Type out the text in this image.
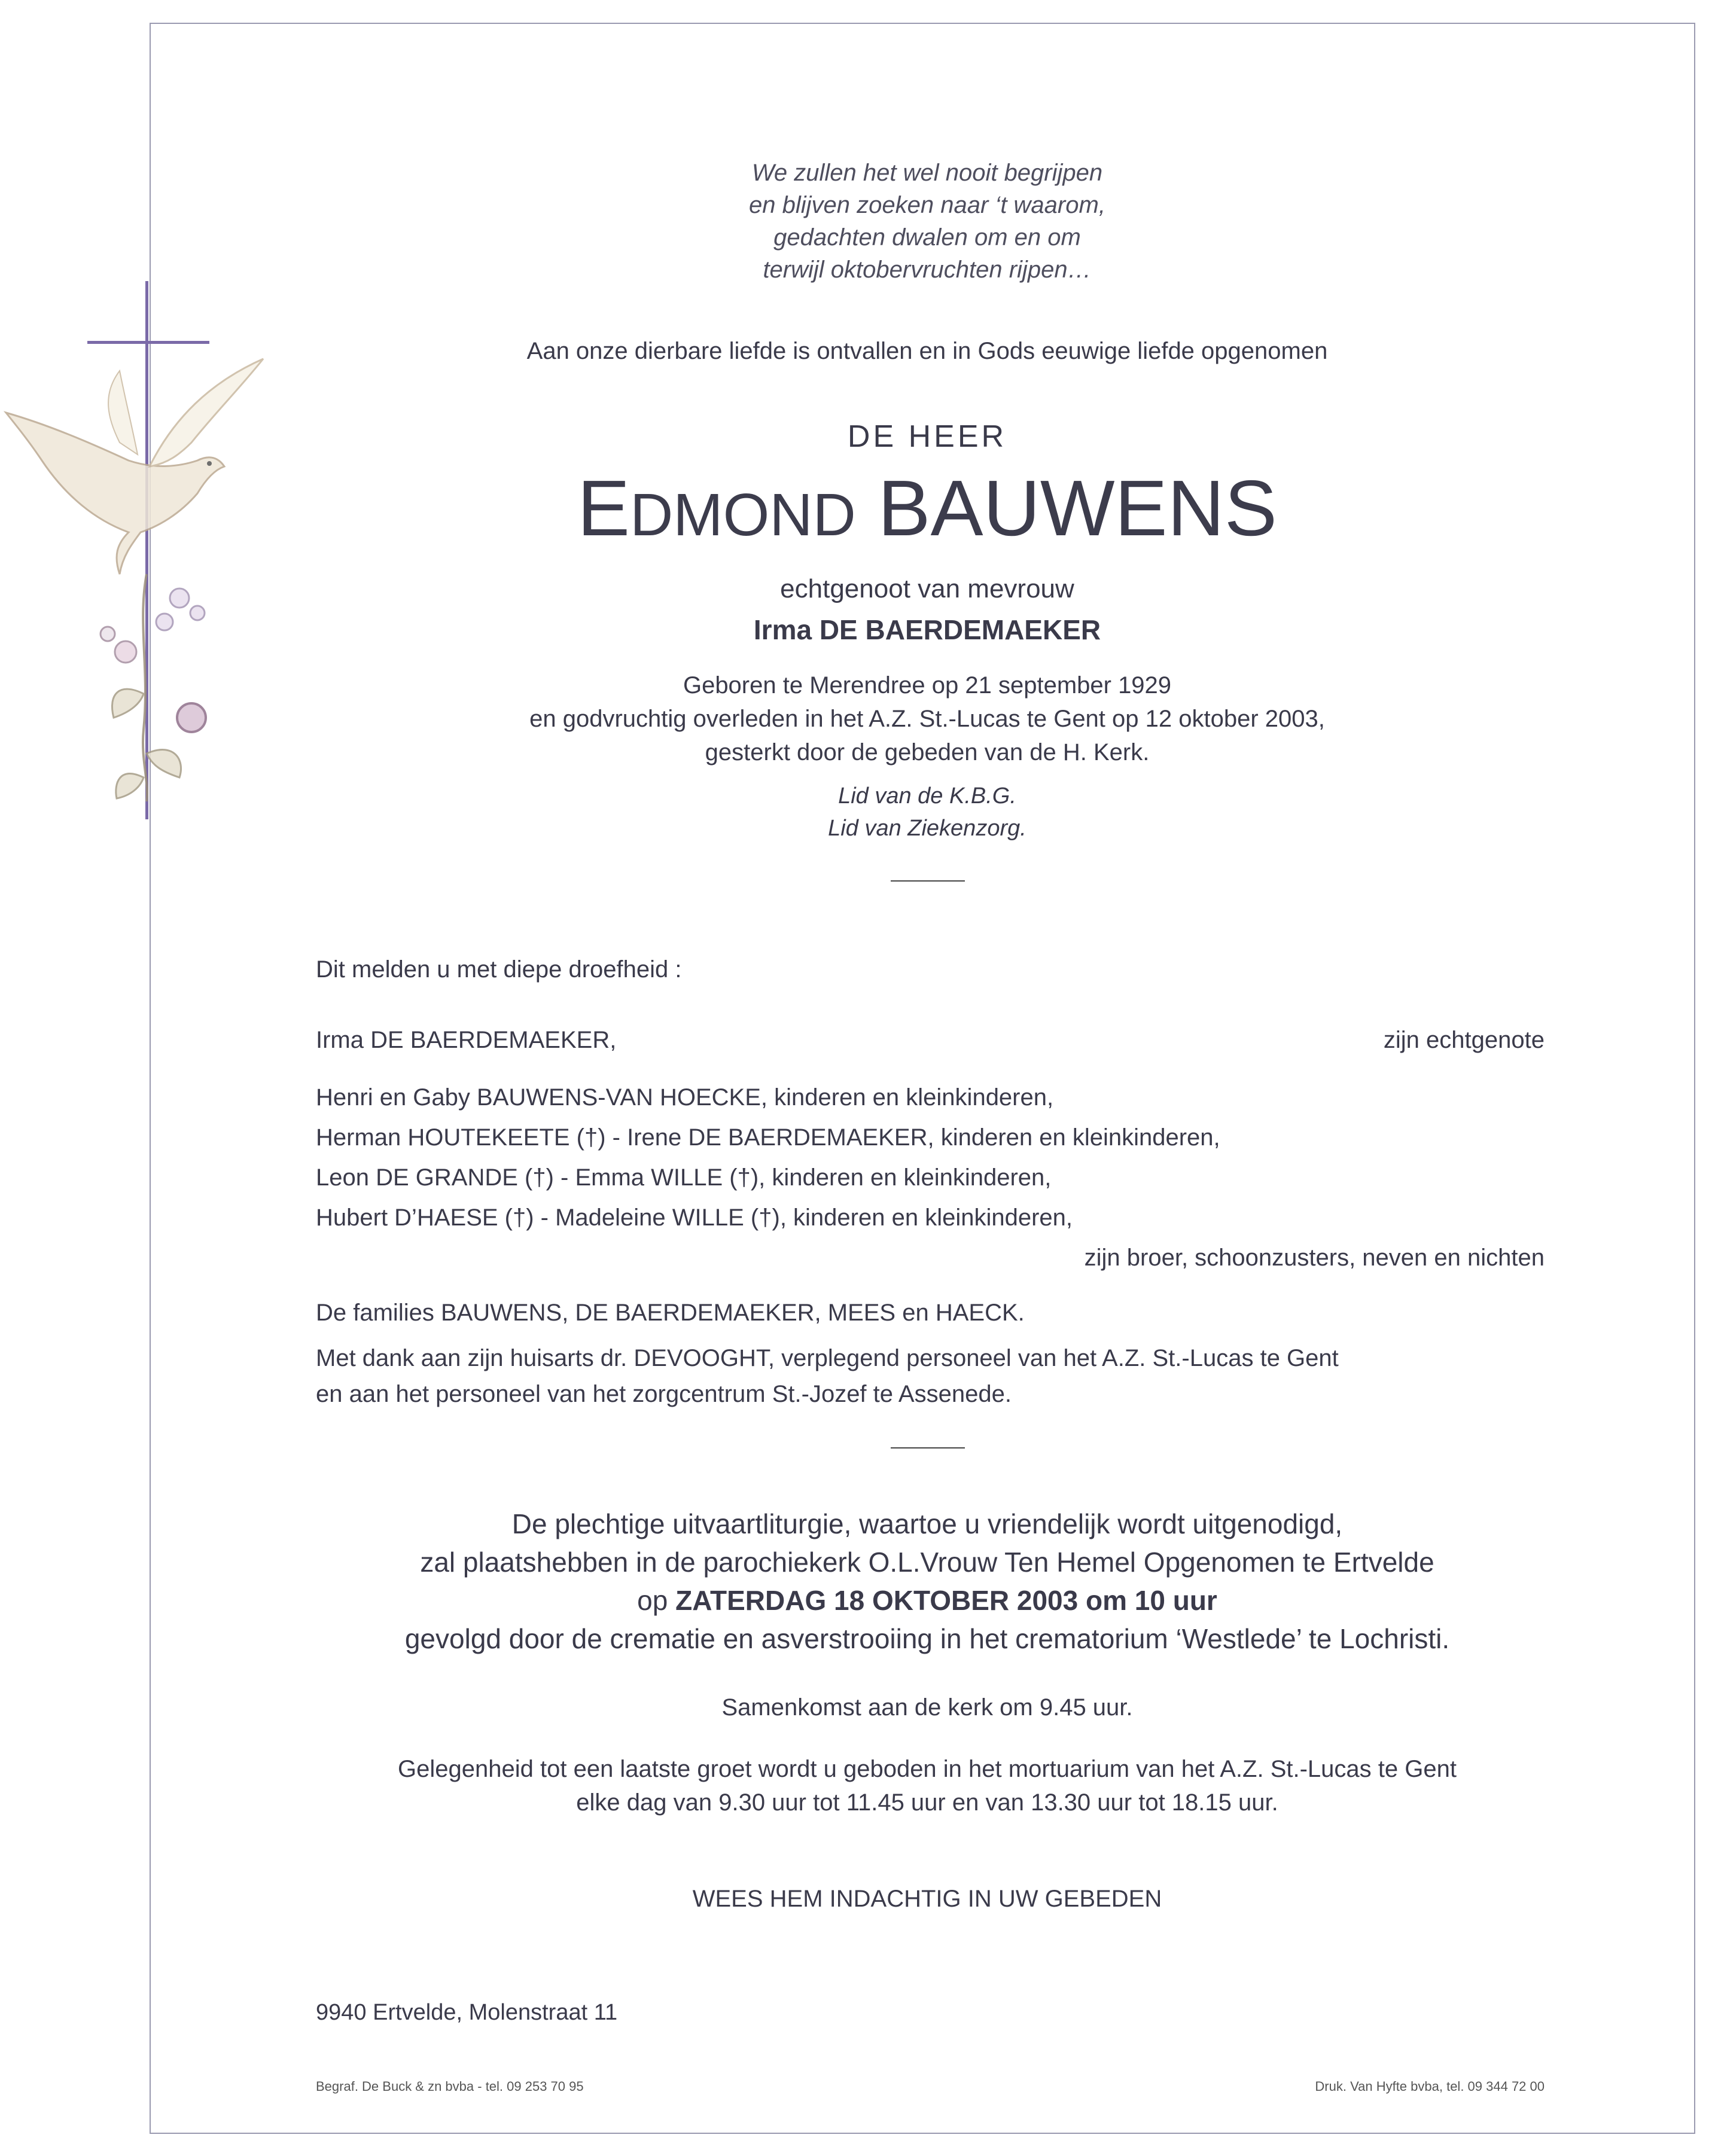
We zullen het wel nooit begrijpen
en blijven zoeken naar ‘t waarom,
gedachten dwalen om en om
terwijl oktobervruchten rijpen…
Aan onze dierbare liefde is ontvallen en in Gods eeuwige liefde opgenomen
DE HEER
EDMOND BAUWENS
echtgenoot van mevrouw
Irma DE BAERDEMAEKER
Geboren te Merendree op 21 september 1929
en godvruchtig overleden in het A.Z. St.-Lucas te Gent op 12 oktober 2003,
gesterkt door de gebeden van de H. Kerk.
Lid van de K.B.G.
Lid van Ziekenzorg.
Dit melden u met diepe droefheid :
Irma DE BAERDEMAEKER,	zijn echtgenote
Henri en Gaby BAUWENS-VAN HOECKE, kinderen en kleinkinderen,
Herman HOUTEKEETE (†) - Irene DE BAERDEMAEKER, kinderen en kleinkinderen,
Leon DE GRANDE (†) - Emma WILLE (†), kinderen en kleinkinderen,
Hubert D’HAESE (†) - Madeleine WILLE (†), kinderen en kleinkinderen,
zijn broer, schoonzusters, neven en nichten
De families BAUWENS, DE BAERDEMAEKER, MEES en HAECK.
Met dank aan zijn huisarts dr. DEVOOGHT, verplegend personeel van het A.Z. St.-Lucas te Gent
en aan het personeel van het zorgcentrum St.-Jozef te Assenede.
De plechtige uitvaartliturgie, waartoe u vriendelijk wordt uitgenodigd,
zal plaatshebben in de parochiekerk O.L.Vrouw Ten Hemel Opgenomen te Ertvelde
op ZATERDAG 18 OKTOBER 2003 om 10 uur
gevolgd door de crematie en asverstrooiing in het crematorium ‘Westlede’ te Lochristi.
Samenkomst aan de kerk om 9.45 uur.
Gelegenheid tot een laatste groet wordt u geboden in het mortuarium van het A.Z. St.-Lucas te Gent
elke dag van 9.30 uur tot 11.45 uur en van 13.30 uur tot 18.15 uur.
WEES HEM INDACHTIG IN UW GEBEDEN
9940 Ertvelde, Molenstraat 11
Begraf. De Buck & zn bvba - tel. 09 253 70 95	Druk. Van Hyfte bvba, tel. 09 344 72 00
